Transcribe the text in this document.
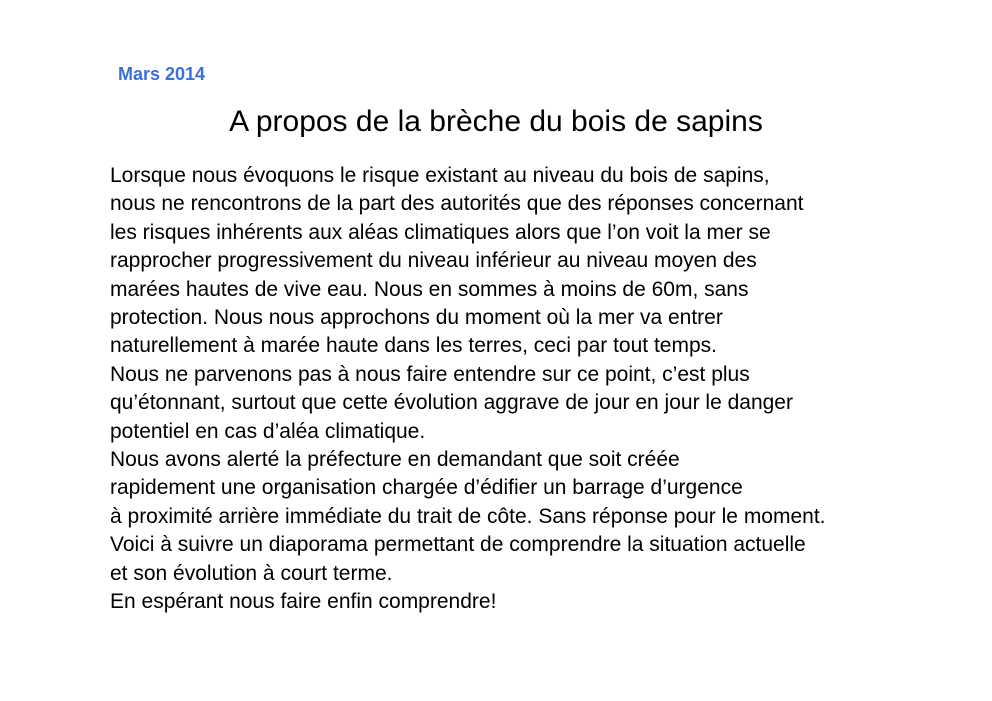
Mars 2014
A propos de la brèche du bois de sapins
Lorsque nous évoquons le risque existant au niveau du bois de sapins,
nous ne rencontrons de la part des autorités que des réponses concernant
les risques inhérents aux aléas climatiques alors que l’on voit la mer se
rapprocher progressivement du niveau inférieur au niveau moyen des
marées hautes de vive eau. Nous en sommes à moins de 60m, sans
protection. Nous nous approchons du moment où la mer va entrer
naturellement à marée haute dans les terres, ceci par tout temps.
Nous ne parvenons pas à nous faire entendre sur ce point, c’est plus
qu’étonnant, surtout que cette évolution aggrave de jour en jour le danger
potentiel en cas d’aléa climatique.
Nous avons alerté la préfecture en demandant que soit créée
rapidement une organisation chargée d’édifier un barrage d’urgence
à proximité arrière immédiate du trait de côte. Sans réponse pour le moment.
Voici à suivre un diaporama permettant de comprendre la situation actuelle
et son évolution à court terme.
En espérant nous faire enfin comprendre!
